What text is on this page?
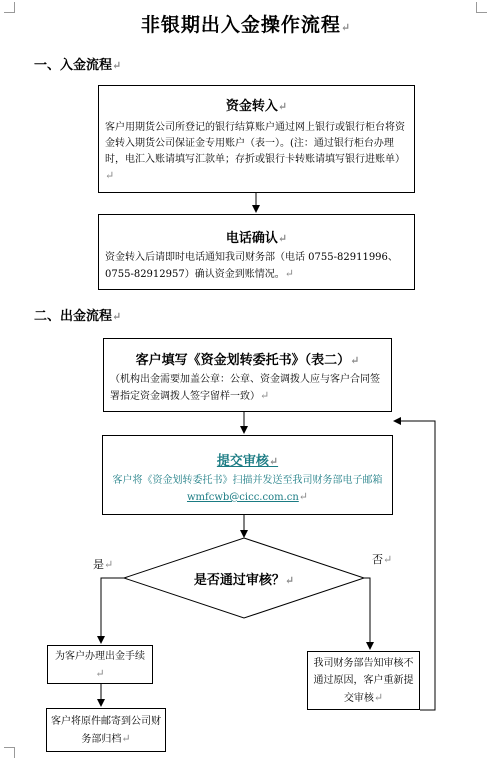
非银期出入金操作流程↵
一、入金流程↵
资金转入↵
客户用期货公司所登记的银行结算账户通过网上银行或银行柜台将资金转入期货公司保证金专用账户（表一）。(注：通过银行柜台办理时，电汇入账请填写汇款单；存折或银行卡转账请填写银行进账单）↵
电话确认↵
资金转入后请即时电话通知我司财务部（电话 0755-82911996、0755-82912957）确认资金到账情况。↵
二、出金流程↵
客户填写《资金划转委托书》（表二）↵
（机构出金需要加盖公章：公章、资金调拨人应与客户合同签署指定资金调拨人签字留样一致）↵
提交审核↵
客户将《资金划转委托书》扫描并发送至我司财务部电子邮箱wmfcwb@cicc.com.cn↵
是否通过审核？↵
是↵	否↵
为客户办理出金手续↵
客户将原件邮寄到公司财务部归档↵
我司财务部告知审核不通过原因，客户重新提交审核↵
